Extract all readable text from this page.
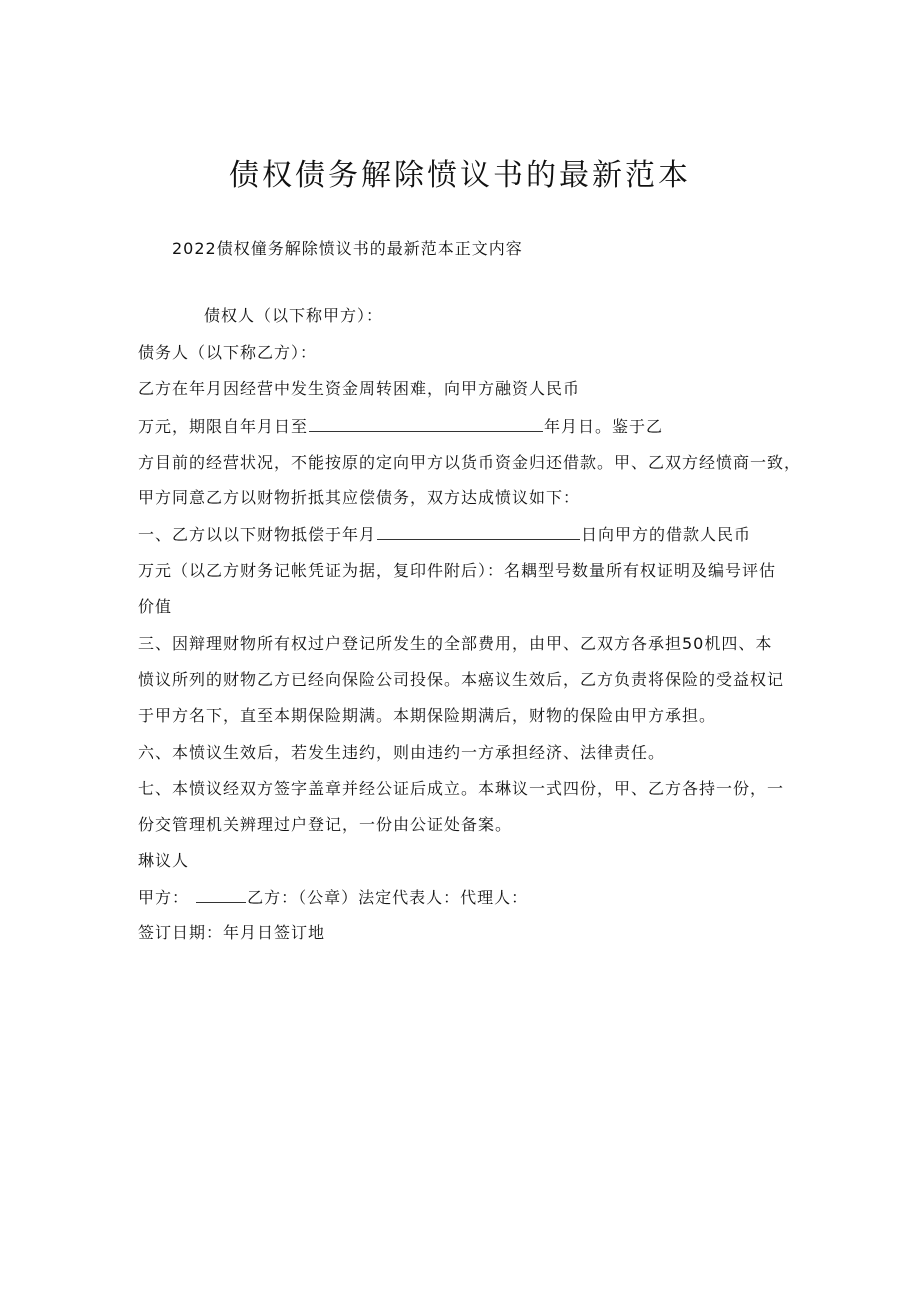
债权债务解除愤议书的最新范本
2022债权僮务解除愤议书的最新范本正文内容
债权人（以下称甲方）：
债务人（以下称乙方）：
乙方在年月因经营中发生资金周转困难，向甲方融资人民币
万元，期限自年月日至	年月日。鉴于乙
方目前的经营状况，不能按原的定向甲方以货币资金归还借款。甲、乙双方经愤商一致，
甲方同意乙方以财物折抵其应偿债务，双方达成愤议如下：
一、乙方以以下财物抵偿于年月	日向甲方的借款人民币
万元（以乙方财务记帐凭证为据，复印件附后）：名耦型号数量所有权证明及编号评估
价值
三、因辩理财物所有权过户登记所发生的全部费用，由甲、乙双方各承担50机四、本
愤议所列的财物乙方已经向保险公司投保。本癌议生效后，乙方负责将保险的受益权记
于甲方名下，直至本期保险期满。本期保险期满后，财物的保险由甲方承担。
六、本愤议生效后，若发生违约，则由违约一方承担经济、法律责任。
七、本愤议经双方签字盖章并经公证后成立。本琳议一式四份，甲、乙方各持一份，一
份交管理机关辨理过户登记，一份由公证处备案。
琳议人
甲方：	乙方：（公章）法定代表人：代理人：
签订日期：年月日签订地
